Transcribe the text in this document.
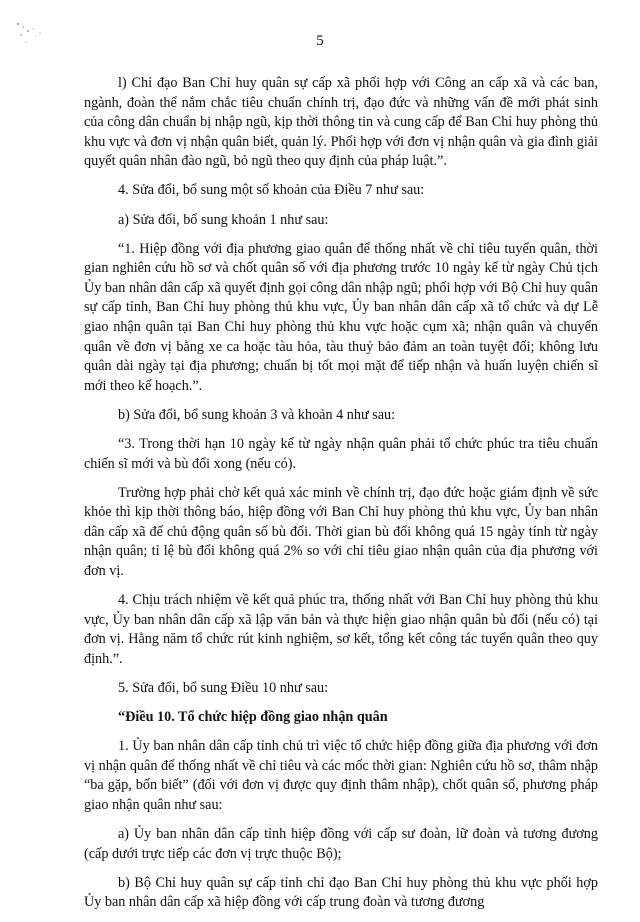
5

l) Chỉ đạo Ban Chỉ huy quân sự cấp xã phối hợp với Công an cấp xã và các ban, ngành, đoàn thể nắm chắc tiêu chuẩn chính trị, đạo đức và những vấn đề mới phát sinh của công dân chuẩn bị nhập ngũ, kịp thời thông tin và cung cấp để Ban Chỉ huy phòng thủ khu vực và đơn vị nhận quân biết, quản lý. Phối hợp với đơn vị nhận quân và gia đình giải quyết quân nhân đào ngũ, bỏ ngũ theo quy định của pháp luật.”.

4. Sửa đổi, bổ sung một số khoản của Điều 7 như sau:

a) Sửa đổi, bổ sung khoản 1 như sau:

“1. Hiệp đồng với địa phương giao quân để thống nhất về chỉ tiêu tuyển quân, thời gian nghiên cứu hồ sơ và chốt quân số với địa phương trước 10 ngày kể từ ngày Chủ tịch Ủy ban nhân dân cấp xã quyết định gọi công dân nhập ngũ; phối hợp với Bộ Chỉ huy quân sự cấp tỉnh, Ban Chỉ huy phòng thủ khu vực, Ủy ban nhân dân cấp xã tổ chức và dự Lễ giao nhận quân tại Ban Chỉ huy phòng thủ khu vực hoặc cụm xã; nhận quân và chuyển quân về đơn vị bằng xe ca hoặc tàu hỏa, tàu thuỷ bảo đảm an toàn tuyệt đối; không lưu quân dài ngày tại địa phương; chuẩn bị tốt mọi mặt để tiếp nhận và huấn luyện chiến sĩ mới theo kế hoạch.”.

b) Sửa đổi, bổ sung khoản 3 và khoản 4 như sau:

“3. Trong thời hạn 10 ngày kể từ ngày nhận quân phải tổ chức phúc tra tiêu chuẩn chiến sĩ mới và bù đổi xong (nếu có).

Trường hợp phải chờ kết quả xác minh về chính trị, đạo đức hoặc giám định về sức khỏe thì kịp thời thông báo, hiệp đồng với Ban Chỉ huy phòng thủ khu vực, Ủy ban nhân dân cấp xã để chủ động quân số bù đổi. Thời gian bù đổi không quá 15 ngày tính từ ngày nhận quân; tỉ lệ bù đổi không quá 2% so với chỉ tiêu giao nhận quân của địa phương với đơn vị.

4. Chịu trách nhiệm về kết quả phúc tra, thống nhất với Ban Chỉ huy phòng thủ khu vực, Ủy ban nhân dân cấp xã lập văn bản và thực hiện giao nhận quân bù đổi (nếu có) tại đơn vị. Hằng năm tổ chức rút kinh nghiệm, sơ kết, tổng kết công tác tuyển quân theo quy định.”.

5. Sửa đổi, bổ sung Điều 10 như sau:

“Điều 10. Tổ chức hiệp đồng giao nhận quân

1. Ủy ban nhân dân cấp tỉnh chủ trì việc tổ chức hiệp đồng giữa địa phương với đơn vị nhận quân để thống nhất về chỉ tiêu và các mốc thời gian: Nghiên cứu hồ sơ, thâm nhập “ba gặp, bốn biết” (đối với đơn vị được quy định thâm nhập), chốt quân số, phương pháp giao nhận quân như sau:

a) Ủy ban nhân dân cấp tỉnh hiệp đồng với cấp sư đoàn, lữ đoàn và tương đương (cấp dưới trực tiếp các đơn vị trực thuộc Bộ);

b) Bộ Chỉ huy quân sự cấp tỉnh chỉ đạo Ban Chỉ huy phòng thủ khu vực phối hợp Ủy ban nhân dân cấp xã hiệp đồng với cấp trung đoàn và tương đương
